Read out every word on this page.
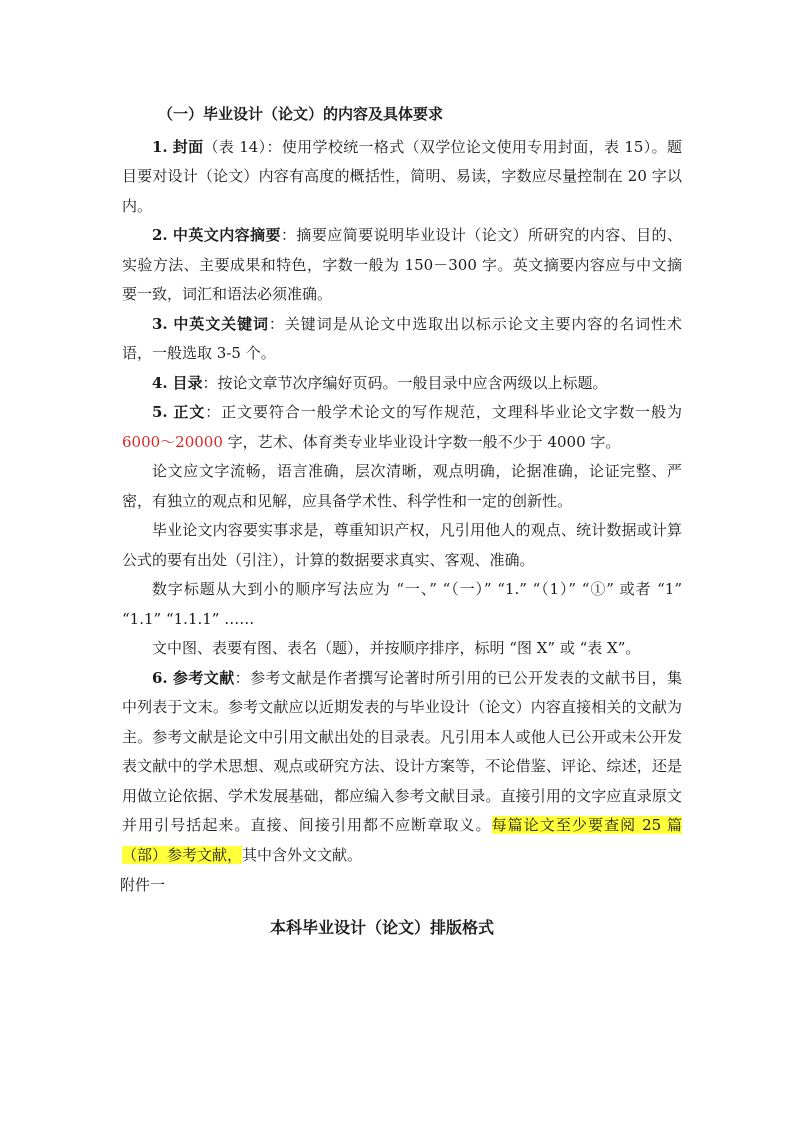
（一）毕业设计（论文）的内容及具体要求

1. 封面（表 14）：使用学校统一格式（双学位论文使用专用封面，表 15）。题目要对设计（论文）内容有高度的概括性，简明、易读，字数应尽量控制在 20 字以内。

2. 中英文内容摘要：摘要应简要说明毕业设计（论文）所研究的内容、目的、实验方法、主要成果和特色，字数一般为 150－300 字。英文摘要内容应与中文摘要一致，词汇和语法必须准确。

3. 中英文关键词：关键词是从论文中选取出以标示论文主要内容的名词性术语，一般选取 3-5 个。

4. 目录：按论文章节次序编好页码。一般目录中应含两级以上标题。

5. 正文：正文要符合一般学术论文的写作规范，文理科毕业论文字数一般为 6000～20000 字，艺术、体育类专业毕业设计字数一般不少于 4000 字。

论文应文字流畅，语言准确，层次清晰，观点明确，论据准确，论证完整、严密，有独立的观点和见解，应具备学术性、科学性和一定的创新性。

毕业论文内容要实事求是，尊重知识产权，凡引用他人的观点、统计数据或计算公式的要有出处（引注），计算的数据要求真实、客观、准确。

数字标题从大到小的顺序写法应为 “一、” “（一）” “1.” “（1）” “①” 或者 “1” “1.1” “1.1.1” ……

文中图、表要有图、表名（题），并按顺序排序，标明 “图 X” 或 “表 X”。

6. 参考文献：参考文献是作者撰写论著时所引用的已公开发表的文献书目，集中列表于文末。参考文献应以近期发表的与毕业设计（论文）内容直接相关的文献为主。参考文献是论文中引用文献出处的目录表。凡引用本人或他人已公开或未公开发表文献中的学术思想、观点或研究方法、设计方案等，不论借鉴、评论、综述，还是用做立论依据、学术发展基础，都应编入参考文献目录。直接引用的文字应直录原文并用引号括起来。直接、间接引用都不应断章取义。每篇论文至少要查阅 25 篇（部）参考文献，其中含外文文献。

附件一
本科毕业设计（论文）排版格式
